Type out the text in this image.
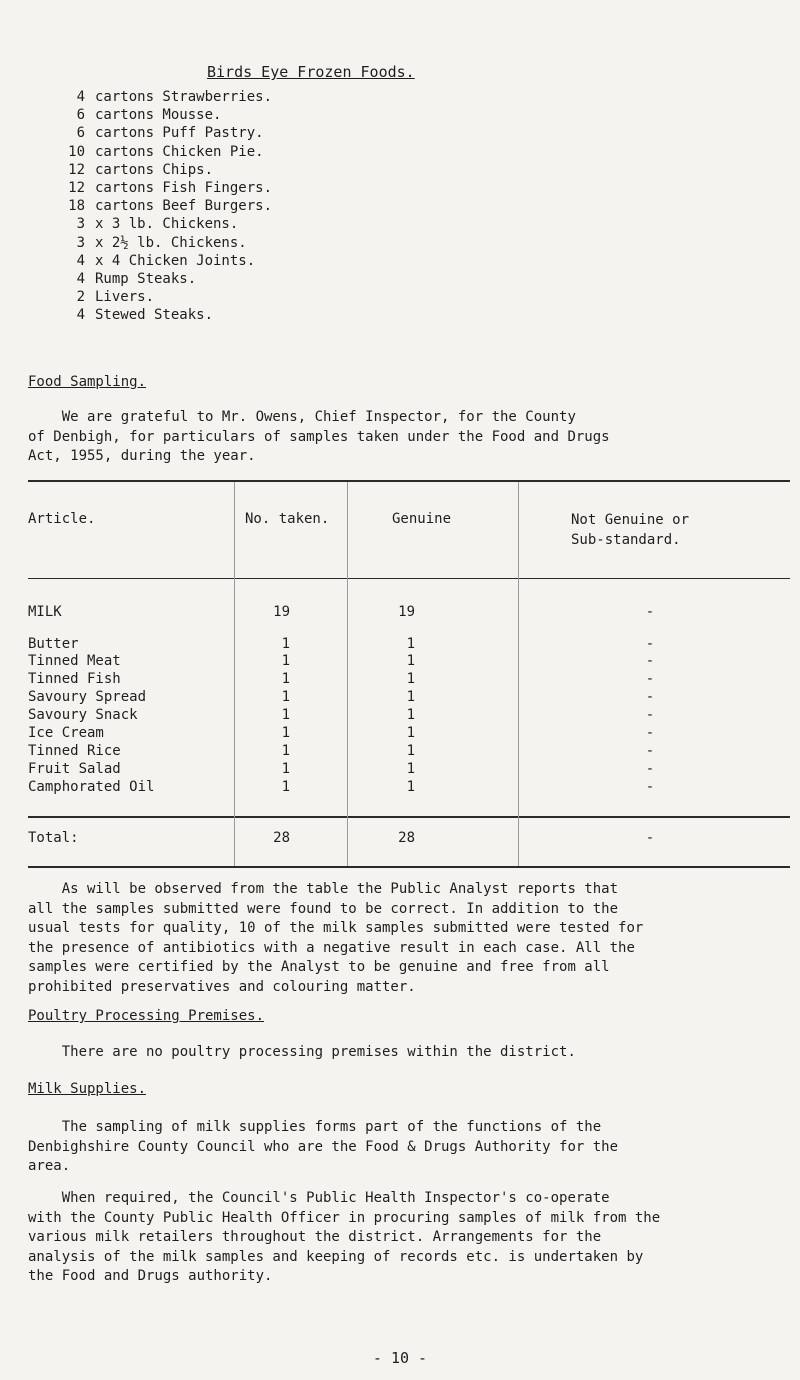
Birds Eye Frozen Foods.
4 cartons Strawberries.
6 cartons Mousse.
6 cartons Puff Pastry.
10 cartons Chicken Pie.
12 cartons Chips.
12 cartons Fish Fingers.
18 cartons Beef Burgers.
3 x 3 lb. Chickens.
3 x 2½ lb. Chickens.
4 x 4 Chicken Joints.
4 Rump Steaks.
2 Livers.
4 Stewed Steaks.
Food Sampling.
We are grateful to Mr. Owens, Chief Inspector, for the County
of Denbigh, for particulars of samples taken under the Food and Drugs
Act, 1955, during the year.
Article.	No. taken.	Genuine	Not Genuine or
Sub-standard.
MILK	19	19	-
Butter	1	1	-
Tinned Meat	1	1	-
Tinned Fish	1	1	-
Savoury Spread	1	1	-
Savoury Snack	1	1	-
Ice Cream	1	1	-
Tinned Rice	1	1	-
Fruit Salad	1	1	-
Camphorated Oil	1	1	-
Total:	28	28	-
As will be observed from the table the Public Analyst reports that
all the samples submitted were found to be correct. In addition to the
usual tests for quality, 10 of the milk samples submitted were tested for
the presence of antibiotics with a negative result in each case. All the
samples were certified by the Analyst to be genuine and free from all
prohibited preservatives and colouring matter.
Poultry Processing Premises.
There are no poultry processing premises within the district.
Milk Supplies.
The sampling of milk supplies forms part of the functions of the
Denbighshire County Council who are the Food & Drugs Authority for the
area.
When required, the Council's Public Health Inspector's co-operate
with the County Public Health Officer in procuring samples of milk from the
various milk retailers throughout the district. Arrangements for the
analysis of the milk samples and keeping of records etc. is undertaken by
the Food and Drugs authority.
- 10 -
